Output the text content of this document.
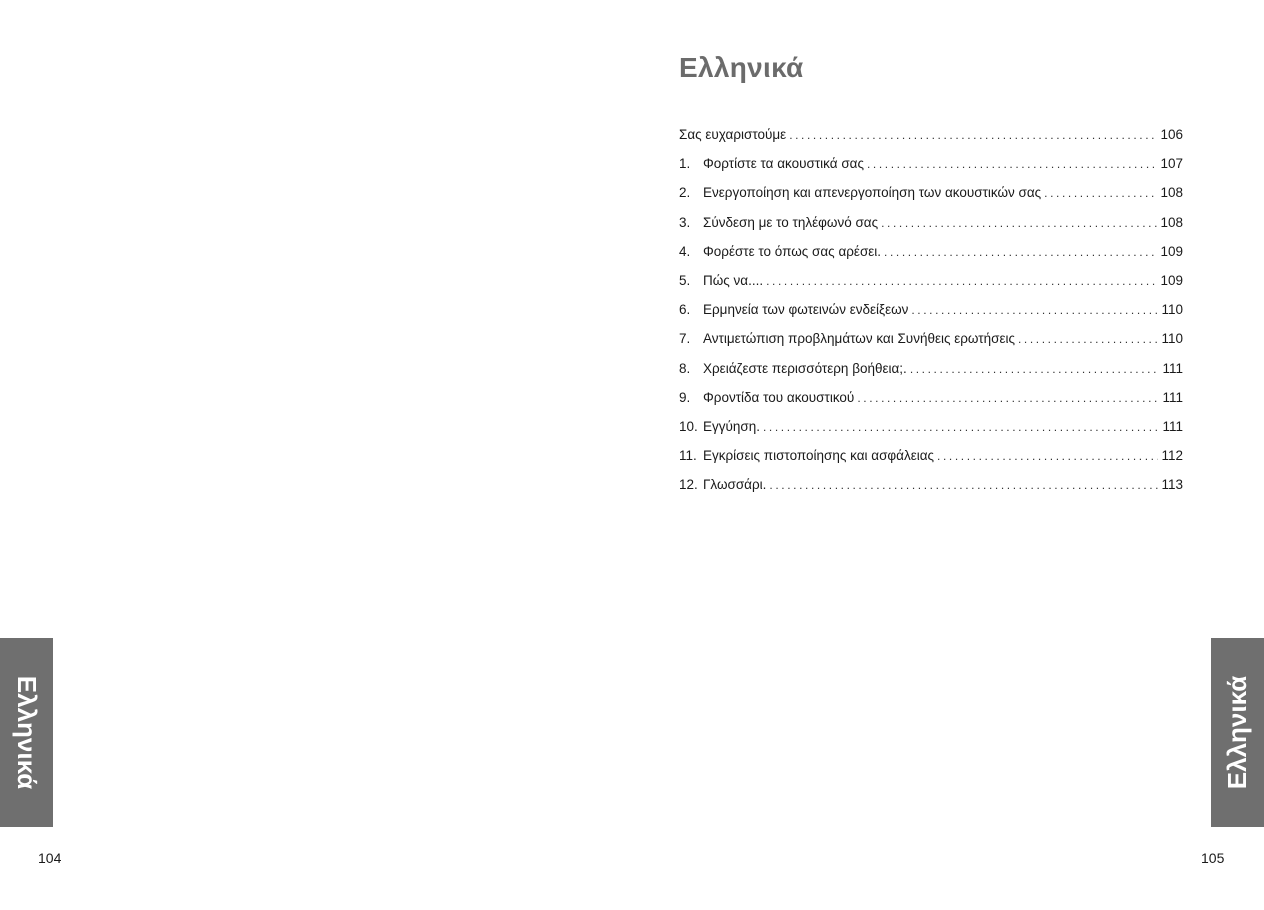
Ελληνικά
104
Ελληνικά
Σας ευχαριστούμε .....	106
1. Φορτίστε τα ακουστικά σας .....	107
2. Ενεργοποίηση και απενεργοποίηση των ακουστικών σας .....	108
3. Σύνδεση με το τηλέφωνό σας .....	108
4. Φορέστε το όπως σας αρέσει. .....	109
5. Πώς να.... .....	109
6. Ερμηνεία των φωτεινών ενδείξεων .....	110
7. Αντιμετώπιση προβλημάτων και Συνήθεις ερωτήσεις .....	110
8. Χρειάζεστε περισσότερη βοήθεια;. .....	111
9. Φροντίδα του ακουστικού .....	111
10. Εγγύηση. .....	111
11. Εγκρίσεις πιστοποίησης και ασφάλειας .....	112
12. Γλωσσάρι. .....	113
Ελληνικά
105
